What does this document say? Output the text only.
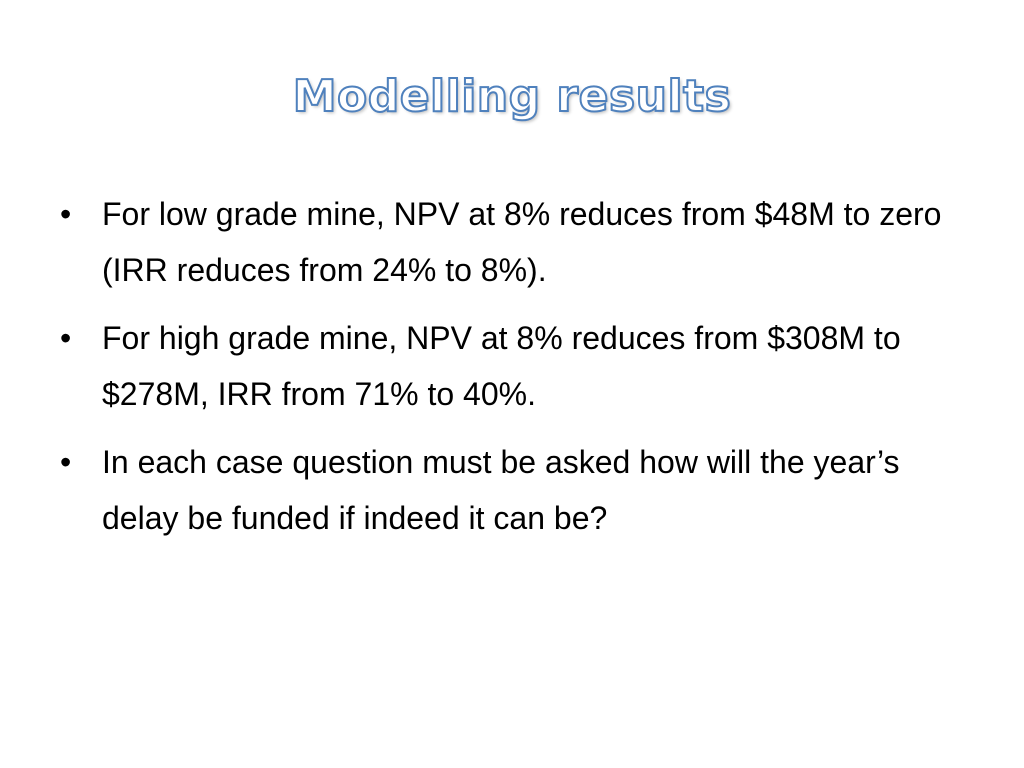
Modelling results
• For low grade mine, NPV at 8% reduces from $48M to zero (IRR reduces from 24% to 8%).
• For high grade mine, NPV at 8% reduces from $308M to $278M, IRR from 71% to 40%.
• In each case question must be asked how will the year’s delay be funded if indeed it can be?
